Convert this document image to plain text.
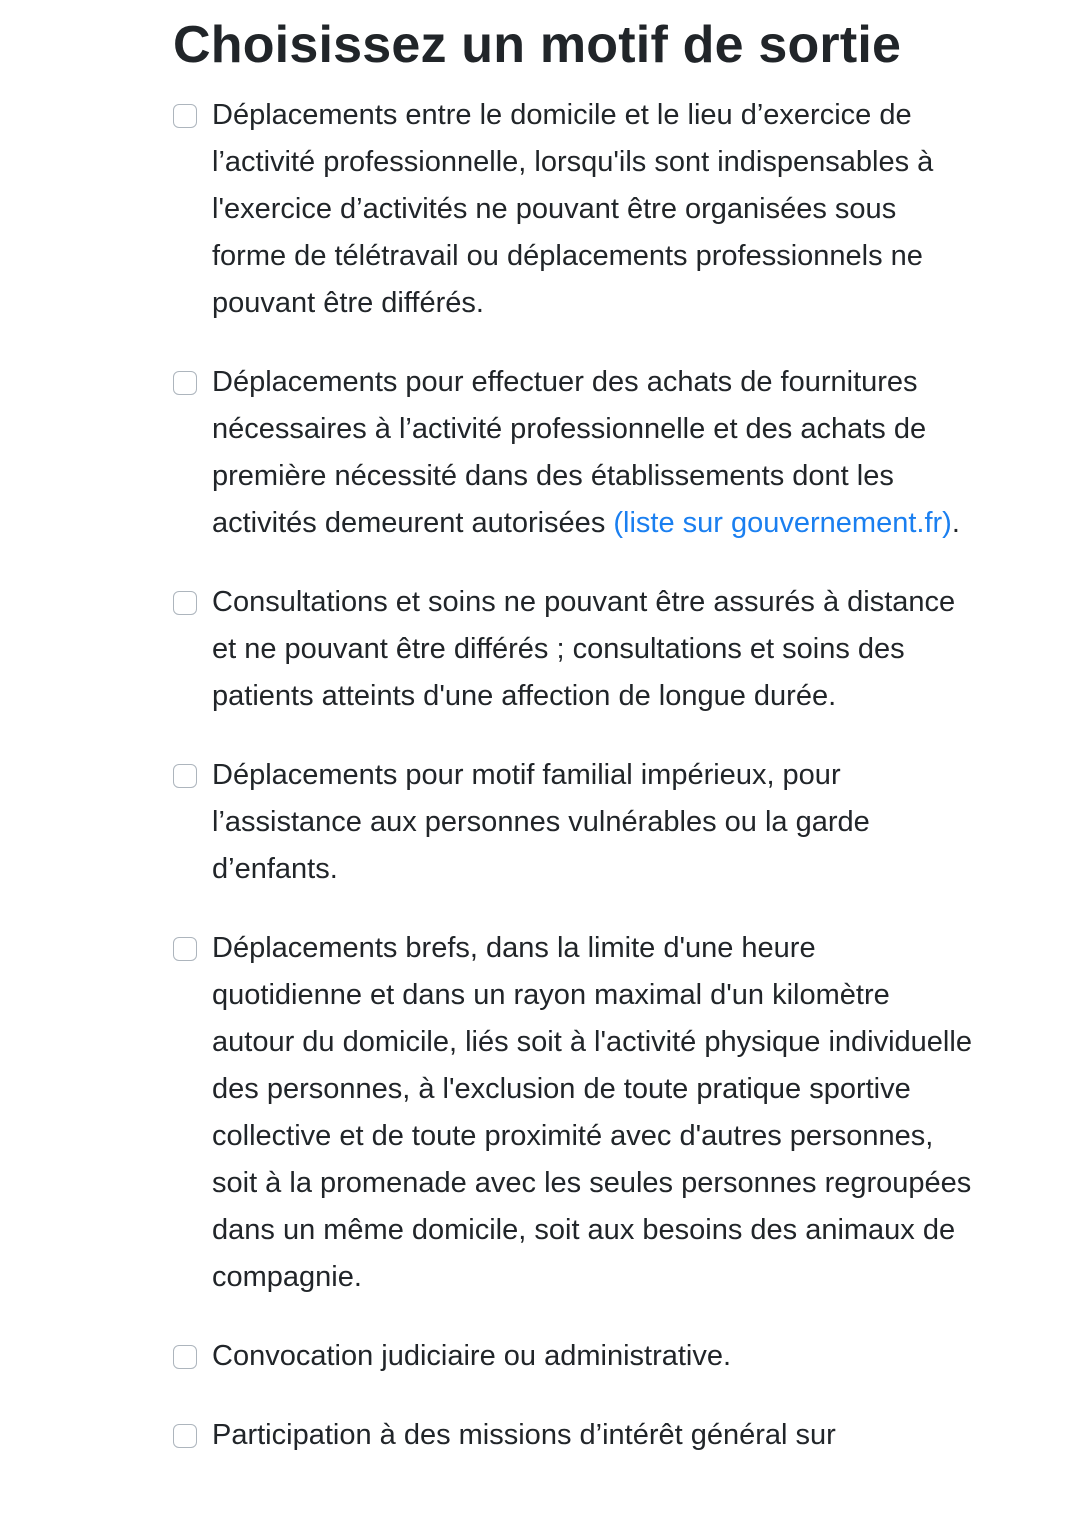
Choisissez un motif de sortie
Déplacements entre le domicile et le lieu d’exercice de l’activité professionnelle, lorsqu'ils sont indispensables à l'exercice d’activités ne pouvant être organisées sous forme de télétravail ou déplacements professionnels ne pouvant être différés.
Déplacements pour effectuer des achats de fournitures nécessaires à l’activité professionnelle et des achats de première nécessité dans des établissements dont les activités demeurent autorisées (liste sur gouvernement.fr).
Consultations et soins ne pouvant être assurés à distance et ne pouvant être différés ; consultations et soins des patients atteints d'une affection de longue durée.
Déplacements pour motif familial impérieux, pour l’assistance aux personnes vulnérables ou la garde d’enfants.
Déplacements brefs, dans la limite d'une heure quotidienne et dans un rayon maximal d'un kilomètre autour du domicile, liés soit à l'activité physique individuelle des personnes, à l'exclusion de toute pratique sportive collective et de toute proximité avec d'autres personnes, soit à la promenade avec les seules personnes regroupées dans un même domicile, soit aux besoins des animaux de compagnie.
Convocation judiciaire ou administrative.
Participation à des missions d’intérêt général sur
